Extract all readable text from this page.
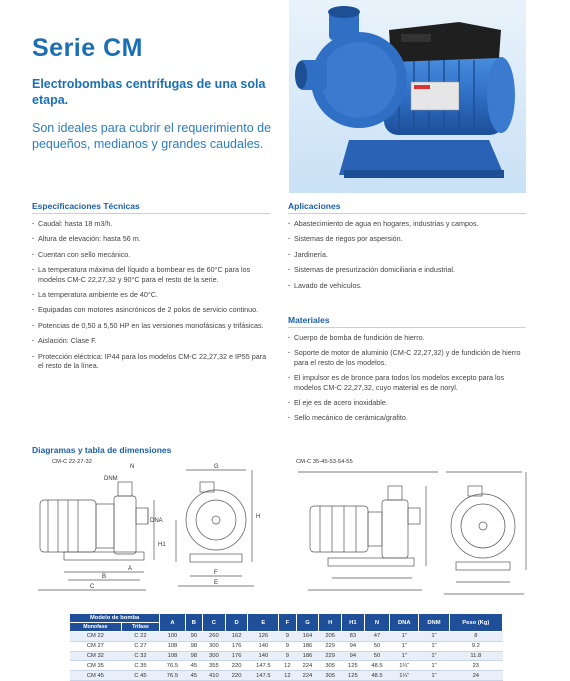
Serie CM
Electrobombas centrífugas de una sola etapa.
Son ideales para cubrir el requerimiento de pequeños, medianos y grandes caudales.
Especificaciones Técnicas
· Caudal: hasta 18 m3/h.
· Altura de elevación: hasta 56 m.
· Cuentan con sello mecánico.
· La temperatura máxima del líquido a bombear es de 60°C para los modelos CM-C 22,27,32 y 90°C para el resto de la serie.
· La temperatura ambiente es de 40°C.
· Equipadas con motores asincrónicos de 2 polos de servicio continuo.
· Potencias de 0,50 a 5,50 HP en las versiones monofásicas y trifásicas.
· Aislación: Clase F.
· Protección eléctrica: IP44 para los modelos CM-C 22,27,32 e IP55 para el resto de la línea.
Aplicaciones
· Abastecimiento de agua en hogares, industrias y campos.
· Sistemas de riegos por aspersión.
· Jardinería.
· Sistemas de presurización domiciliaria e industrial.
· Lavado de vehículos.
Materiales
· Cuerpo de bomba de fundición de hierro.
· Soporte de motor de aluminio (CM-C 22,27,32) y de fundición de hierro para el resto de los modelos.
· El impulsor es de bronce para todos los modelos excepto para los modelos CM-C 22,27,32, cuyo material es de noryl.
· El eje es de acero inoxidable.
· Sello mecánico de cerámica/grafito.
Diagramas y tabla de dimensiones
CM-C 22-27-32	CM-C 35-45-53-54-55
N
DNM
DNA
H1
A
B
C
G
H
F
E
Modelo de bomba		A	B	C	D	E	F	G	H	H1	N	DNA	DNM	Peso (Kg)
Monofase	Trifase													
CM 22	C 22	100	90	260	162	126	9	164	205	83	47	1"	1"	8
CM 27	C 27	108	98	300	176	140	9	186	229	94	50	1"	1"	9.2
CM 32	C 32	108	98	300	176	140	9	186	229	94	50	1"	1"	11.8
CM 35	C 35	76.5	45	355	220	147.5	12	224	305	125	48.5	1¼"	1"	23
CM 45	C 45	76.5	45	410	220	147.5	12	224	305	125	48.5	1¼"	1"	24
